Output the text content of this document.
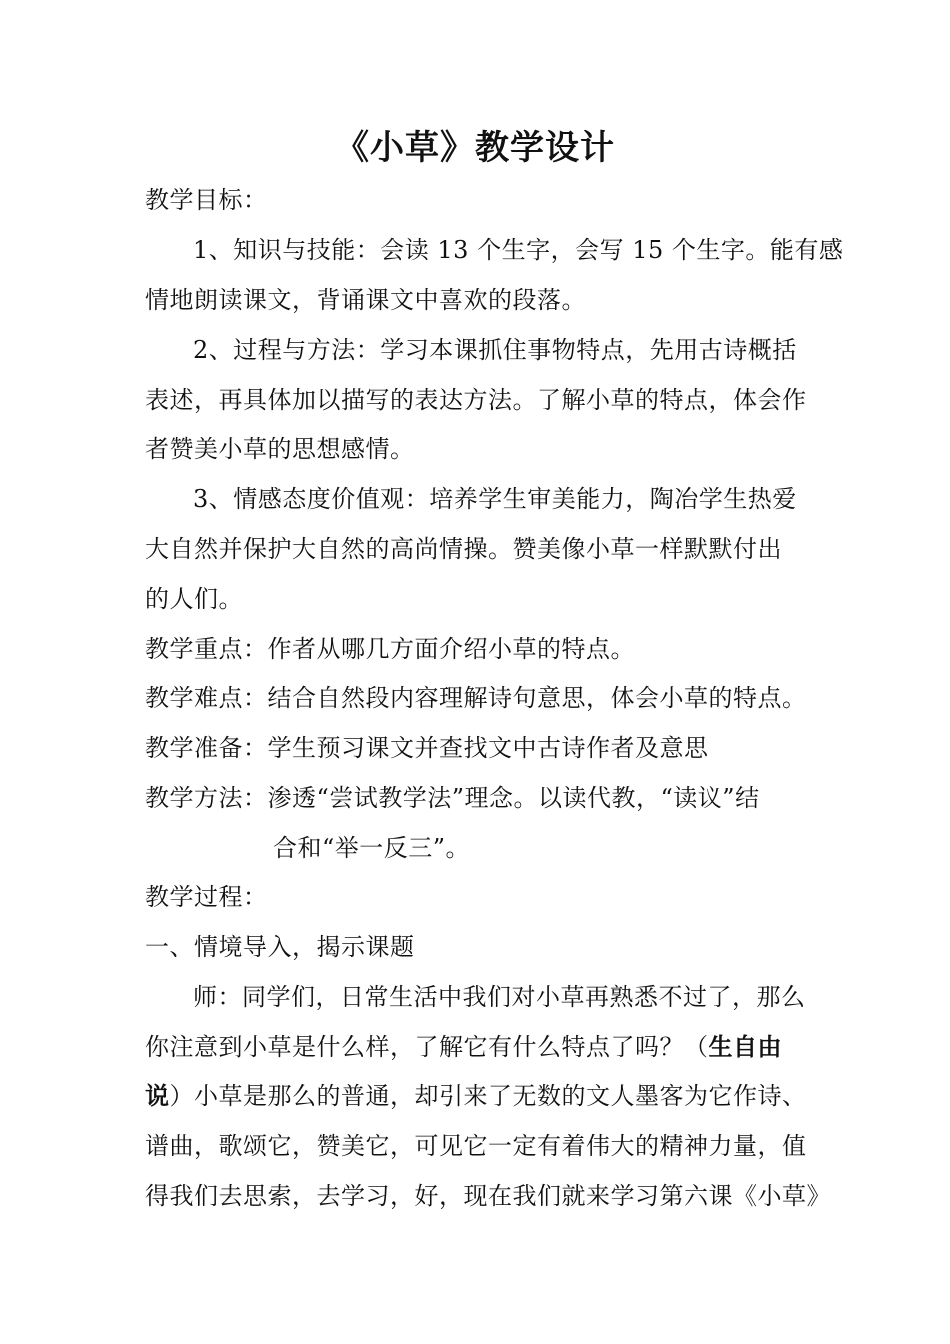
《小草》教学设计
教学目标：
1、知识与技能：会读 13 个生字，会写 15 个生字。能有感
情地朗读课文，背诵课文中喜欢的段落。
2、过程与方法：学习本课抓住事物特点，先用古诗概括
表述，再具体加以描写的表达方法。了解小草的特点，体会作
者赞美小草的思想感情。
3、情感态度价值观：培养学生审美能力，陶冶学生热爱
大自然并保护大自然的高尚情操。赞美像小草一样默默付出
的人们。
教学重点：作者从哪几方面介绍小草的特点。
教学难点：结合自然段内容理解诗句意思，体会小草的特点。
教学准备：学生预习课文并查找文中古诗作者及意思
教学方法：渗透“尝试教学法”理念。以读代教，“读议”结
合和“举一反三”。
教学过程：
一、情境导入，揭示课题
师：同学们，日常生活中我们对小草再熟悉不过了，那么
你注意到小草是什么样，了解它有什么特点了吗？（生自由
说）小草是那么的普通，却引来了无数的文人墨客为它作诗、
谱曲，歌颂它，赞美它，可见它一定有着伟大的精神力量，值
得我们去思索，去学习，好，现在我们就来学习第六课《小草》
